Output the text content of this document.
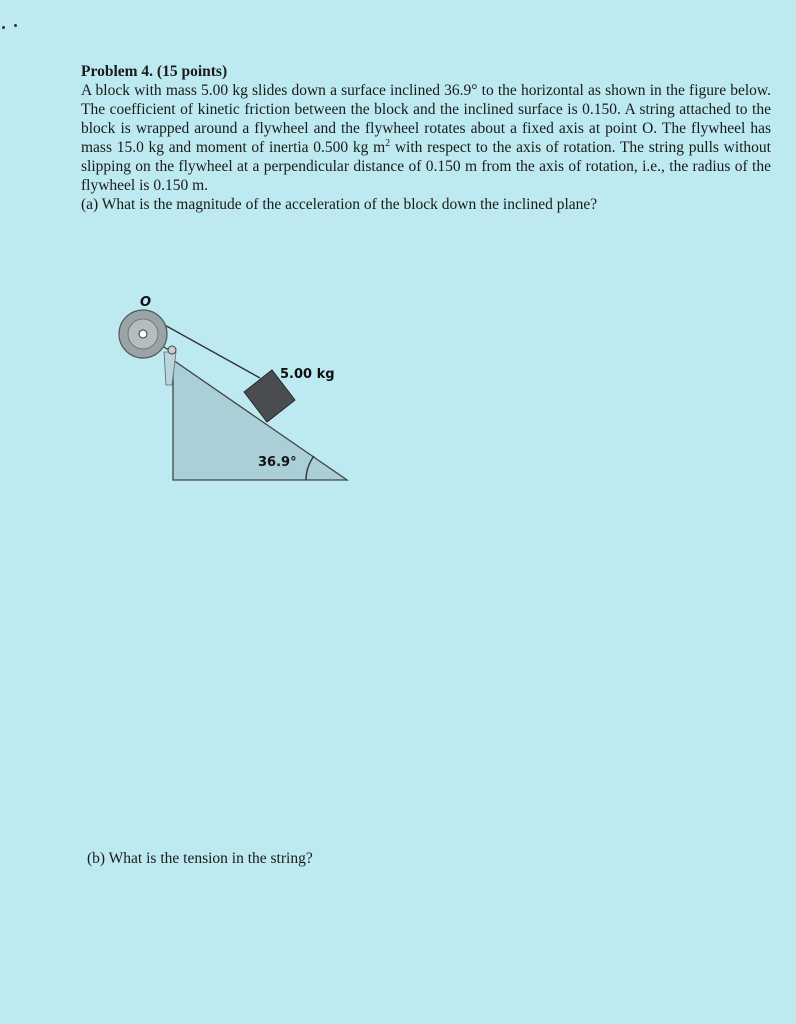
Problem 4. (15 points)

A block with mass 5.00 kg slides down a surface inclined 36.9° to the horizontal as shown in the figure below. The coefficient of kinetic friction between the block and the inclined surface is 0.150. A string attached to the block is wrapped around a flywheel and the flywheel rotates about a fixed axis at point O. The flywheel has mass 15.0 kg and moment of inertia 0.500 kg $m^2$ with respect to the axis of rotation. The string pulls without slipping on the flywheel at a perpendicular distance of 0.150 m from the axis of rotation, i.e., the radius of the flywheel is 0.150 m.

(a) What is the magnitude of the acceleration of the block down the inclined plane?

O
5.00 kg
36.9°

(b) What is the tension in the string?
